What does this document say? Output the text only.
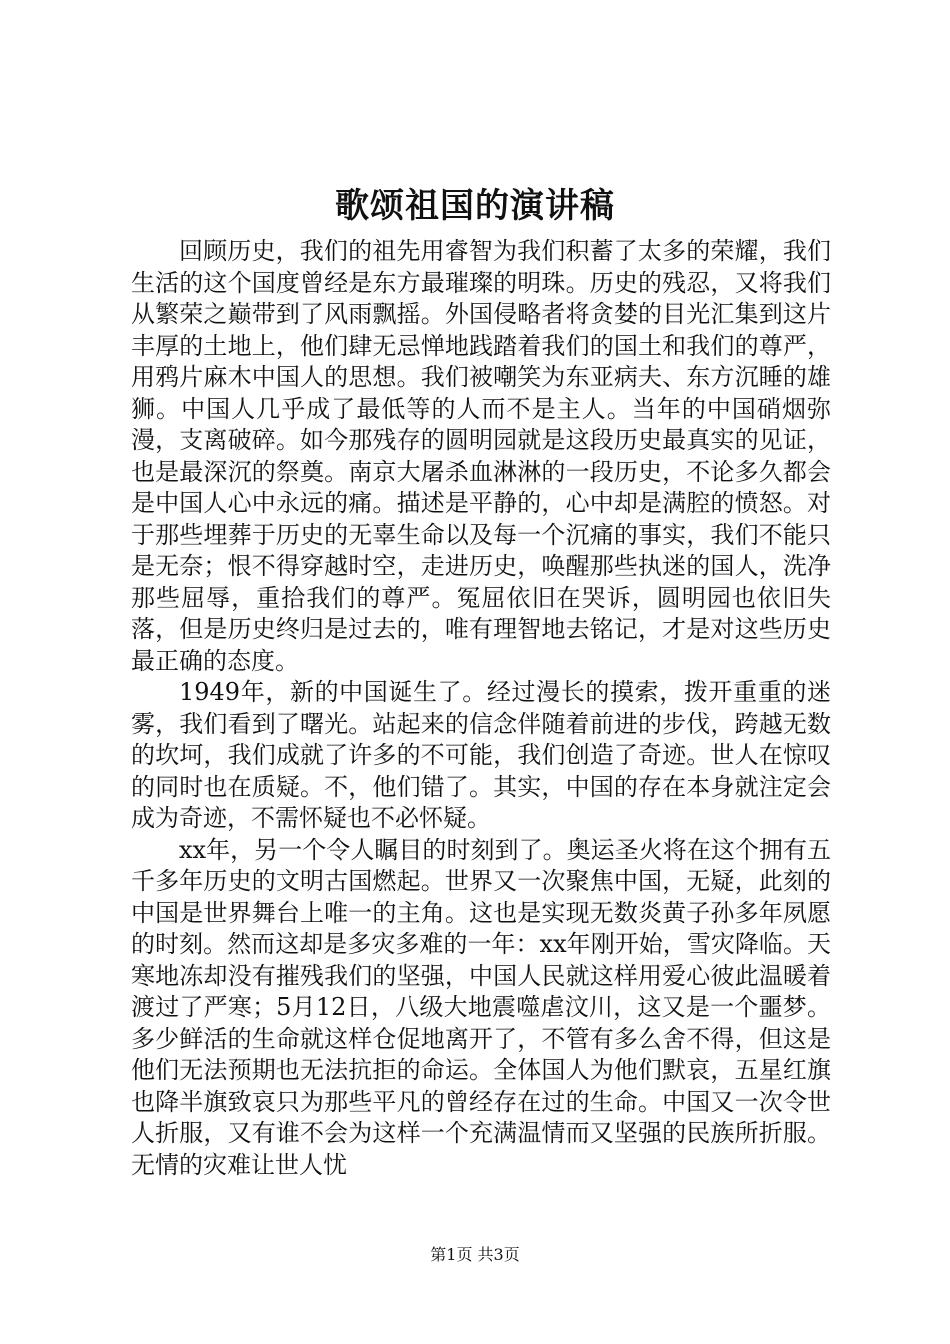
歌颂祖国的演讲稿

回顾历史，我们的祖先用睿智为我们积蓄了太多的荣耀，我们生活的这个国度曾经是东方最璀璨的明珠。历史的残忍，又将我们从繁荣之巅带到了风雨飘摇。外国侵略者将贪婪的目光汇集到这片丰厚的土地上，他们肆无忌惮地践踏着我们的国土和我们的尊严，用鸦片麻木中国人的思想。我们被嘲笑为东亚病夫、东方沉睡的雄狮。中国人几乎成了最低等的人而不是主人。当年的中国硝烟弥漫，支离破碎。如今那残存的圆明园就是这段历史最真实的见证，也是最深沉的祭奠。南京大屠杀血淋淋的一段历史，不论多久都会是中国人心中永远的痛。描述是平静的，心中却是满腔的愤怒。对于那些埋葬于历史的无辜生命以及每一个沉痛的事实，我们不能只是无奈；恨不得穿越时空，走进历史，唤醒那些执迷的国人，洗净那些屈辱，重拾我们的尊严。冤屈依旧在哭诉，圆明园也依旧失落，但是历史终归是过去的，唯有理智地去铭记，才是对这些历史最正确的态度。

1949年，新的中国诞生了。经过漫长的摸索，拨开重重的迷雾，我们看到了曙光。站起来的信念伴随着前进的步伐，跨越无数的坎坷，我们成就了许多的不可能，我们创造了奇迹。世人在惊叹的同时也在质疑。不，他们错了。其实，中国的存在本身就注定会成为奇迹，不需怀疑也不必怀疑。

xx年，另一个令人瞩目的时刻到了。奥运圣火将在这个拥有五千多年历史的文明古国燃起。世界又一次聚焦中国，无疑，此刻的中国是世界舞台上唯一的主角。这也是实现无数炎黄子孙多年夙愿的时刻。然而这却是多灾多难的一年：xx年刚开始，雪灾降临。天寒地冻却没有摧残我们的坚强，中国人民就这样用爱心彼此温暖着渡过了严寒；5月12日，八级大地震噬虐汶川，这又是一个噩梦。多少鲜活的生命就这样仓促地离开了，不管有多么舍不得，但这是他们无法预期也无法抗拒的命运。全体国人为他们默哀，五星红旗也降半旗致哀只为那些平凡的曾经存在过的生命。中国又一次令世人折服，又有谁不会为这样一个充满温情而又坚强的民族所折服。无情的灾难让世人忧

第1页 共3页
